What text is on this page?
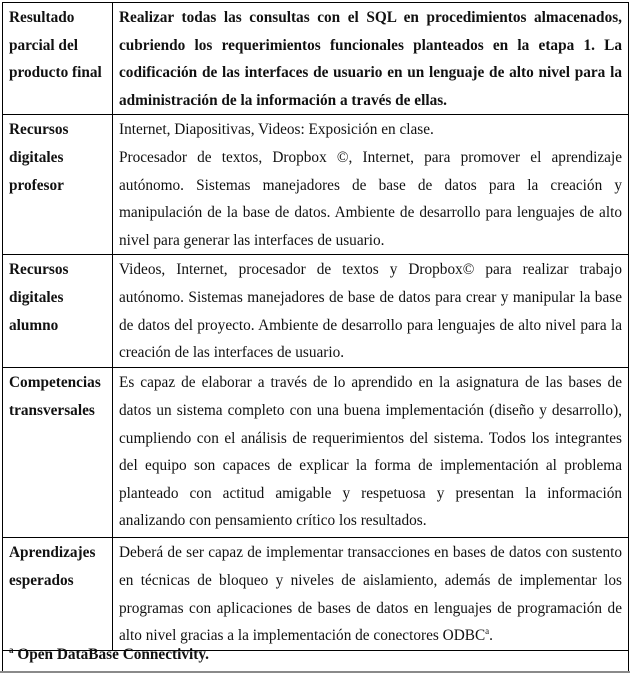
Resultado parcial del producto final	Realizar todas las consultas con el SQL en procedimientos almacenados, cubriendo los requerimientos funcionales planteados en la etapa 1. La codificación de las interfaces de usuario en un lenguaje de alto nivel para la administración de la información a través de ellas.

Recursos digitales profesor	Internet, Diapositivas, Videos: Exposición en clase.
Procesador de textos, Dropbox ©, Internet, para promover el aprendizaje autónomo. Sistemas manejadores de base de datos para la creación y manipulación de la base de datos. Ambiente de desarrollo para lenguajes de alto nivel para generar las interfaces de usuario.

Recursos digitales alumno	Videos, Internet, procesador de textos y Dropbox© para realizar trabajo autónomo. Sistemas manejadores de base de datos para crear y manipular la base de datos del proyecto. Ambiente de desarrollo para lenguajes de alto nivel para la creación de las interfaces de usuario.

Competencias transversales	Es capaz de elaborar a través de lo aprendido en la asignatura de las bases de datos un sistema completo con una buena implementación (diseño y desarrollo), cumpliendo con el análisis de requerimientos del sistema. Todos los integrantes del equipo son capaces de explicar la forma de implementación al problema planteado con actitud amigable y respetuosa y presentan la información analizando con pensamiento crítico los resultados.

Aprendizajes esperados	Deberá de ser capaz de implementar transacciones en bases de datos con sustento en técnicas de bloqueo y niveles de aislamiento, además de implementar los programas con aplicaciones de bases de datos en lenguajes de programación de alto nivel gracias a la implementación de conectores ODBC$^a$.
$^a$ Open DataBase Connectivity.
